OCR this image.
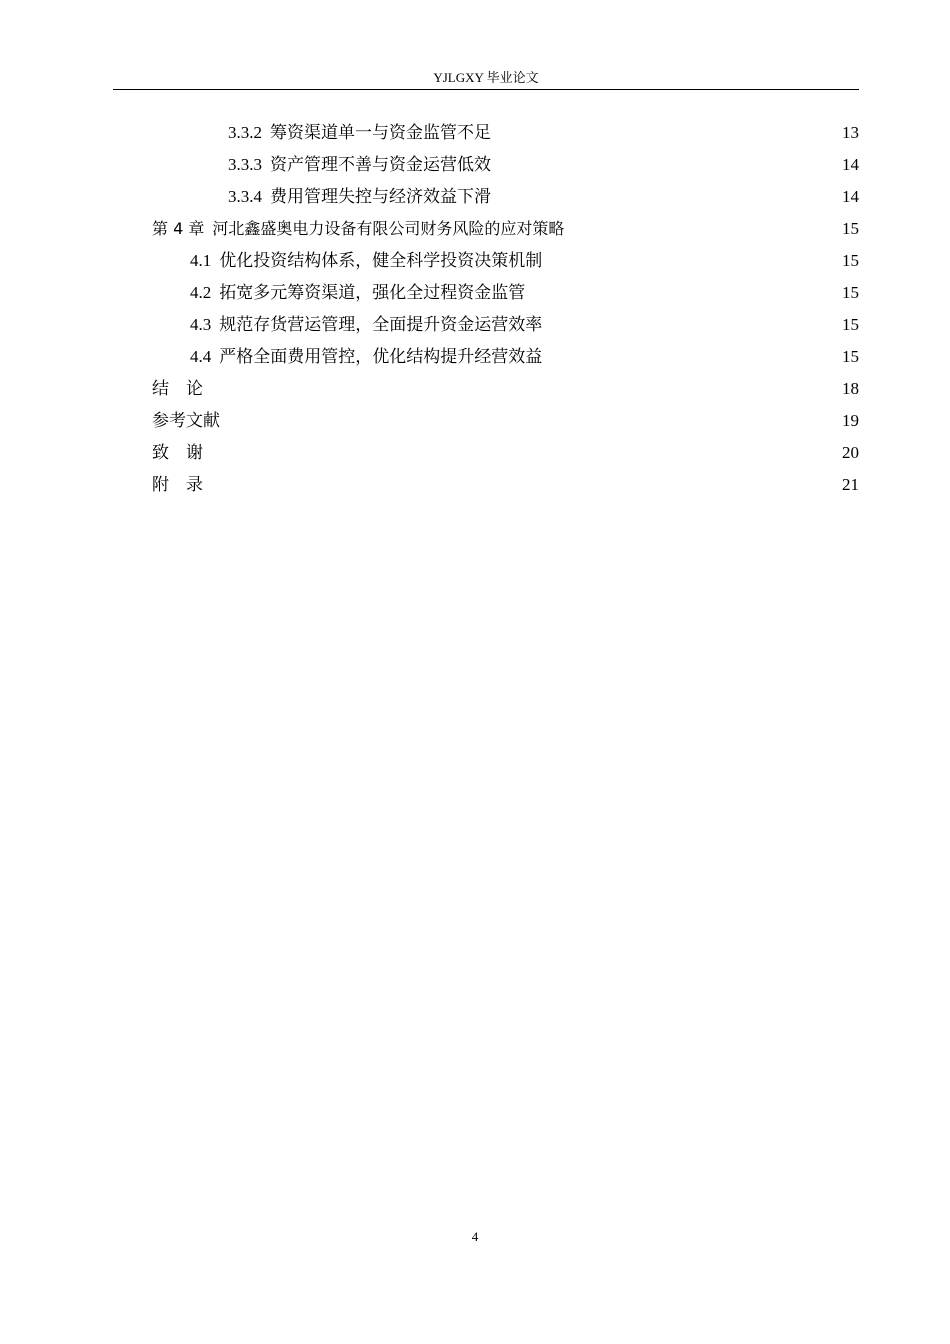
YJLGXY 毕业论文
3.3.2 筹资渠道单一与资金监管不足	13
3.3.3 资产管理不善与资金运营低效	14
3.3.4 费用管理失控与经济效益下滑	14
第 4 章 河北鑫盛奥电力设备有限公司财务风险的应对策略	15
4.1 优化投资结构体系，健全科学投资决策机制	15
4.2 拓宽多元筹资渠道，强化全过程资金监管	15
4.3 规范存货营运管理，全面提升资金运营效率	15
4.4 严格全面费用管控，优化结构提升经营效益	15
结    论	18
参考文献	19
致    谢	20
附    录	21
4
